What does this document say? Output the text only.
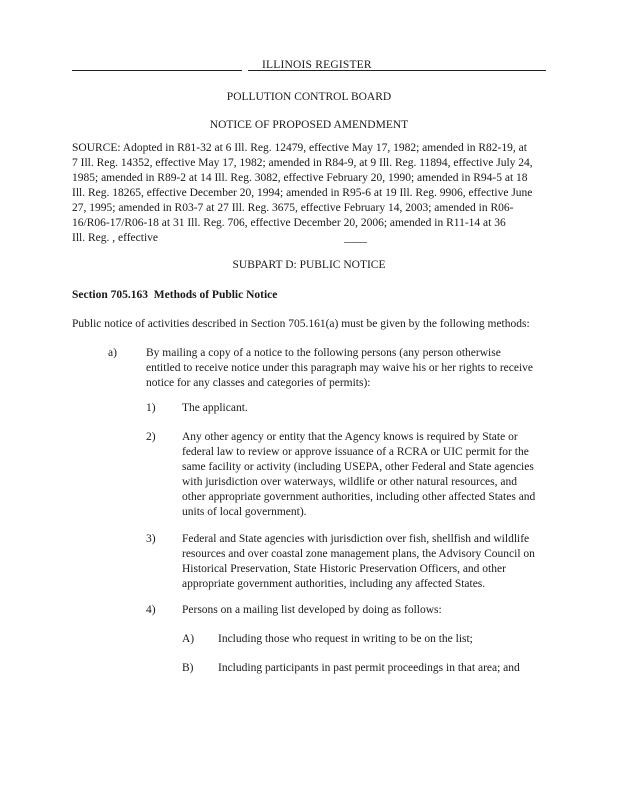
ILLINOIS REGISTER
POLLUTION CONTROL BOARD
NOTICE OF PROPOSED AMENDMENT
SOURCE: Adopted in R81-32 at 6 Ill. Reg. 12479, effective May 17, 1982; amended in R82-19, at
7 Ill. Reg. 14352, effective May 17, 1982; amended in R84-9, at 9 Ill. Reg. 11894, effective July 24,
1985; amended in R89-2 at 14 Ill. Reg. 3082, effective February 20, 1990; amended in R94-5 at 18
Ill. Reg. 18265, effective December 20, 1994; amended in R95-6 at 19 Ill. Reg. 9906, effective June
27, 1995; amended in R03-7 at 27 Ill. Reg. 3675, effective February 14, 2003; amended in R06-
16/R06-17/R06-18 at 31 Ill. Reg. 706, effective December 20, 2006; amended in R11-14 at 36
Ill. Reg. , effective	____
SUBPART D: PUBLIC NOTICE
Section 705.163 Methods of Public Notice
Public notice of activities described in Section 705.161(a) must be given by the following methods:
a)	By mailing a copy of a notice to the following persons (any person otherwise
entitled to receive notice under this paragraph may waive his or her rights to receive
notice for any classes and categories of permits):
1) The applicant.
2) Any other agency or entity that the Agency knows is required by State or
federal law to review or approve issuance of a RCRA or UIC permit for the
same facility or activity (including USEPA, other Federal and State agencies
with jurisdiction over waterways, wildlife or other natural resources, and
other appropriate government authorities, including other affected States and
units of local government).
3) Federal and State agencies with jurisdiction over fish, shellfish and wildlife
resources and over coastal zone management plans, the Advisory Council on
Historical Preservation, State Historic Preservation Officers, and other
appropriate government authorities, including any affected States.
4) Persons on a mailing list developed by doing as follows:
A) Including those who request in writing to be on the list;
B) Including participants in past permit proceedings in that area; and
